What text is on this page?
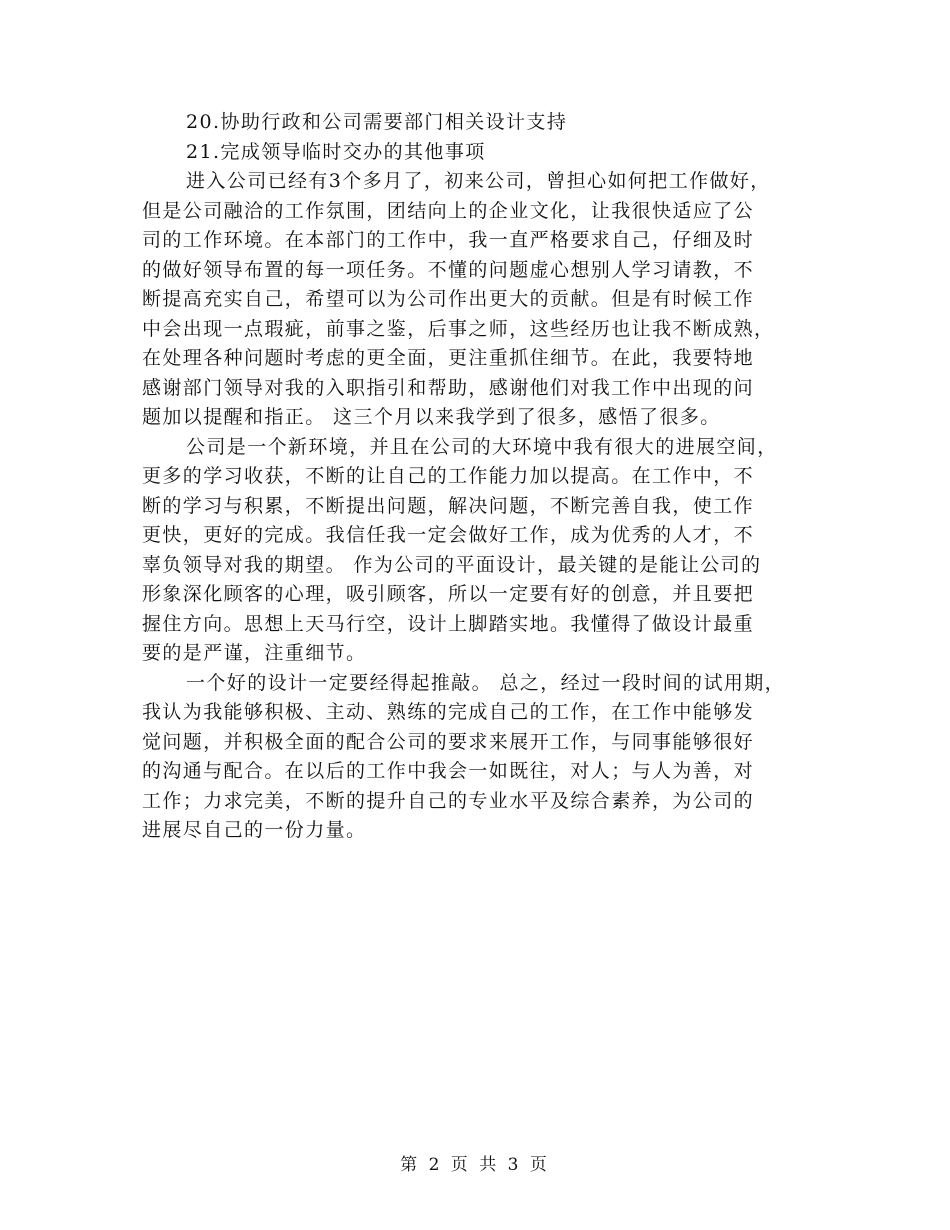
20.协助行政和公司需要部门相关设计支持
21.完成领导临时交办的其他事项
进入公司已经有3个多月了，初来公司，曾担心如何把工作做好，
但是公司融洽的工作氛围，团结向上的企业文化，让我很快适应了公
司的工作环境。在本部门的工作中，我一直严格要求自己，仔细及时
的做好领导布置的每一项任务。不懂的问题虚心想别人学习请教，不
断提高充实自己，希望可以为公司作出更大的贡献。但是有时候工作
中会出现一点瑕疵，前事之鉴，后事之师，这些经历也让我不断成熟，
在处理各种问题时考虑的更全面，更注重抓住细节。在此，我要特地
感谢部门领导对我的入职指引和帮助，感谢他们对我工作中出现的问
题加以提醒和指正。 这三个月以来我学到了很多，感悟了很多。
公司是一个新环境，并且在公司的大环境中我有很大的进展空间，
更多的学习收获，不断的让自己的工作能力加以提高。在工作中，不
断的学习与积累，不断提出问题，解决问题，不断完善自我，使工作
更快，更好的完成。我信任我一定会做好工作，成为优秀的人才，不
辜负领导对我的期望。 作为公司的平面设计，最关键的是能让公司的
形象深化顾客的心理，吸引顾客，所以一定要有好的创意，并且要把
握住方向。思想上天马行空，设计上脚踏实地。我懂得了做设计最重
要的是严谨，注重细节。
一个好的设计一定要经得起推敲。 总之，经过一段时间的试用期，
我认为我能够积极、主动、熟练的完成自己的工作，在工作中能够发
觉问题，并积极全面的配合公司的要求来展开工作，与同事能够很好
的沟通与配合。在以后的工作中我会一如既往，对人；与人为善，对
工作；力求完美，不断的提升自己的专业水平及综合素养，为公司的
进展尽自己的一份力量。
第 2 页 共 3 页
